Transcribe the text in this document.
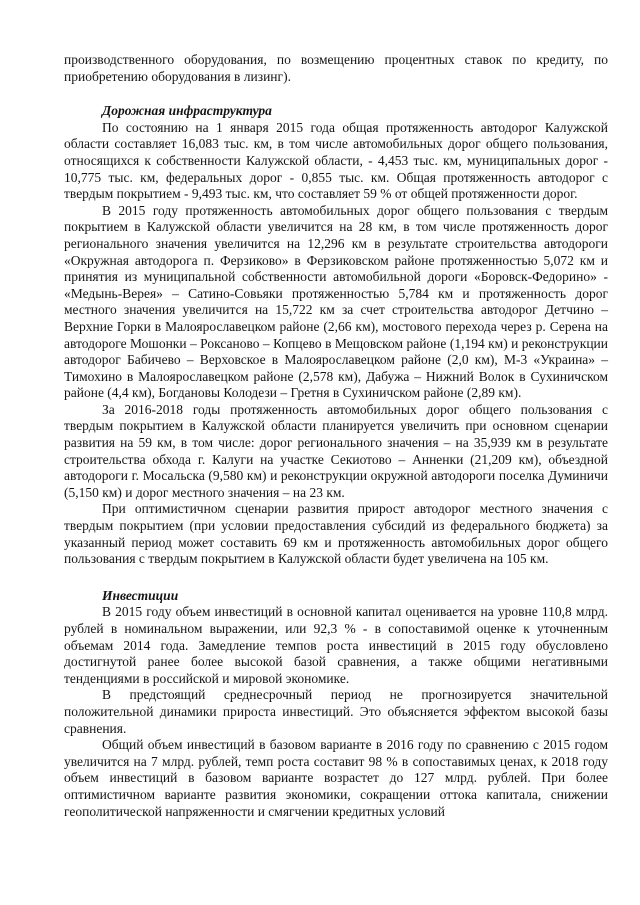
производственного оборудования, по возмещению процентных ставок по кредиту, по приобретению оборудования в лизинг).

Дорожная инфраструктура

По состоянию на 1 января 2015 года общая протяженность автодорог Калужской области составляет 16,083 тыс. км, в том числе автомобильных дорог общего пользования, относящихся к собственности Калужской области, - 4,453 тыс. км, муниципальных дорог - 10,775 тыс. км, федеральных дорог - 0,855 тыс. км. Общая протяженность автодорог с твердым покрытием - 9,493 тыс. км, что составляет 59 % от общей протяженности дорог.

В 2015 году протяженность автомобильных дорог общего пользования с твердым покрытием в Калужской области увеличится на 28 км, в том числе протяженность дорог регионального значения увеличится на 12,296 км в результате строительства автодороги «Окружная автодорога п. Ферзиково» в Ферзиковском районе протяженностью 5,072 км и принятия из муниципальной собственности автомобильной дороги «Боровск-Федорино» - «Медынь-Верея» – Сатино-Совьяки протяженностью 5,784 км и протяженность дорог местного значения увеличится на 15,722 км за счет строительства автодорог Детчино – Верхние Горки в Малоярославецком районе (2,66 км), мостового перехода через р. Серена на автодороге Мошонки – Роксаново – Копцево в Мещовском районе (1,194 км) и реконструкции автодорог Бабичево – Верховское в Малоярославецком районе (2,0 км), М-3 «Украина» – Тимохино в Малоярославецком районе (2,578 км), Дабужа – Нижний Волок в Сухиничском районе (4,4 км), Богдановы Колодези – Гретня в Сухиничском районе (2,89 км).

За 2016-2018 годы протяженность автомобильных дорог общего пользования с твердым покрытием в Калужской области планируется увеличить при основном сценарии развития на 59 км, в том числе: дорог регионального значения – на 35,939 км в результате строительства обхода г. Калуги на участке Секиотово – Анненки (21,209 км), объездной автодороги г. Мосальска (9,580 км) и реконструкции окружной автодороги поселка Думиничи (5,150 км) и дорог местного значения – на 23 км.

При оптимистичном сценарии развития прирост автодорог местного значения с твердым покрытием (при условии предоставления субсидий из федерального бюджета) за указанный период может составить 69 км и протяженность автомобильных дорог общего пользования с твердым покрытием в Калужской области будет увеличена на 105 км.

Инвестиции

В 2015 году объем инвестиций в основной капитал оценивается на уровне 110,8 млрд. рублей в номинальном выражении, или 92,3 % - в сопоставимой оценке к уточненным объемам 2014 года. Замедление темпов роста инвестиций в 2015 году обусловлено достигнутой ранее более высокой базой сравнения, а также общими негативными тенденциями в российской и мировой экономике.

В предстоящий среднесрочный период не прогнозируется значительной положительной динамики прироста инвестиций. Это объясняется эффектом высокой базы сравнения.

Общий объем инвестиций в базовом варианте в 2016 году по сравнению с 2015 годом увеличится на 7 млрд. рублей, темп роста составит 98 % в сопоставимых ценах, к 2018 году объем инвестиций в базовом варианте возрастет до 127 млрд. рублей. При более оптимистичном варианте развития экономики, сокращении оттока капитала, снижении геополитической напряженности и смягчении кредитных условий
